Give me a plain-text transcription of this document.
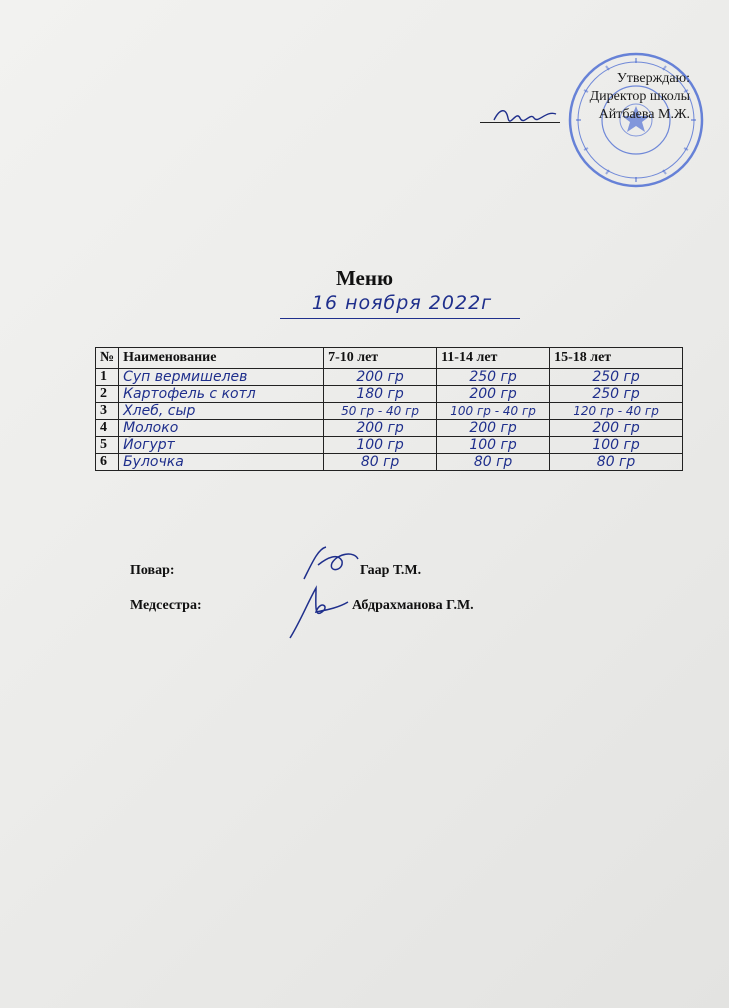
Утверждаю:
Директор школы
Айтбаева М.Ж.
Меню
16 ноября 2022г
№	Наименование	7-10 лет	11-14 лет	15-18 лет
1	Суп вермишелев	200 гр	250 гр	250 гр
2	Картофель с котл	180 гр	200 гр	250 гр
3	Хлеб, сыр	50 гр - 40 гр	100 гр - 40 гр	120 гр - 40 гр
4	Молоко	200 гр	200 гр	200 гр
5	Йогурт	100 гр	100 гр	100 гр
6	Булочка	80 гр	80 гр	80 гр
Повар:	Гаар Т.М.
Медсестра:	Абдрахманова Г.М.
